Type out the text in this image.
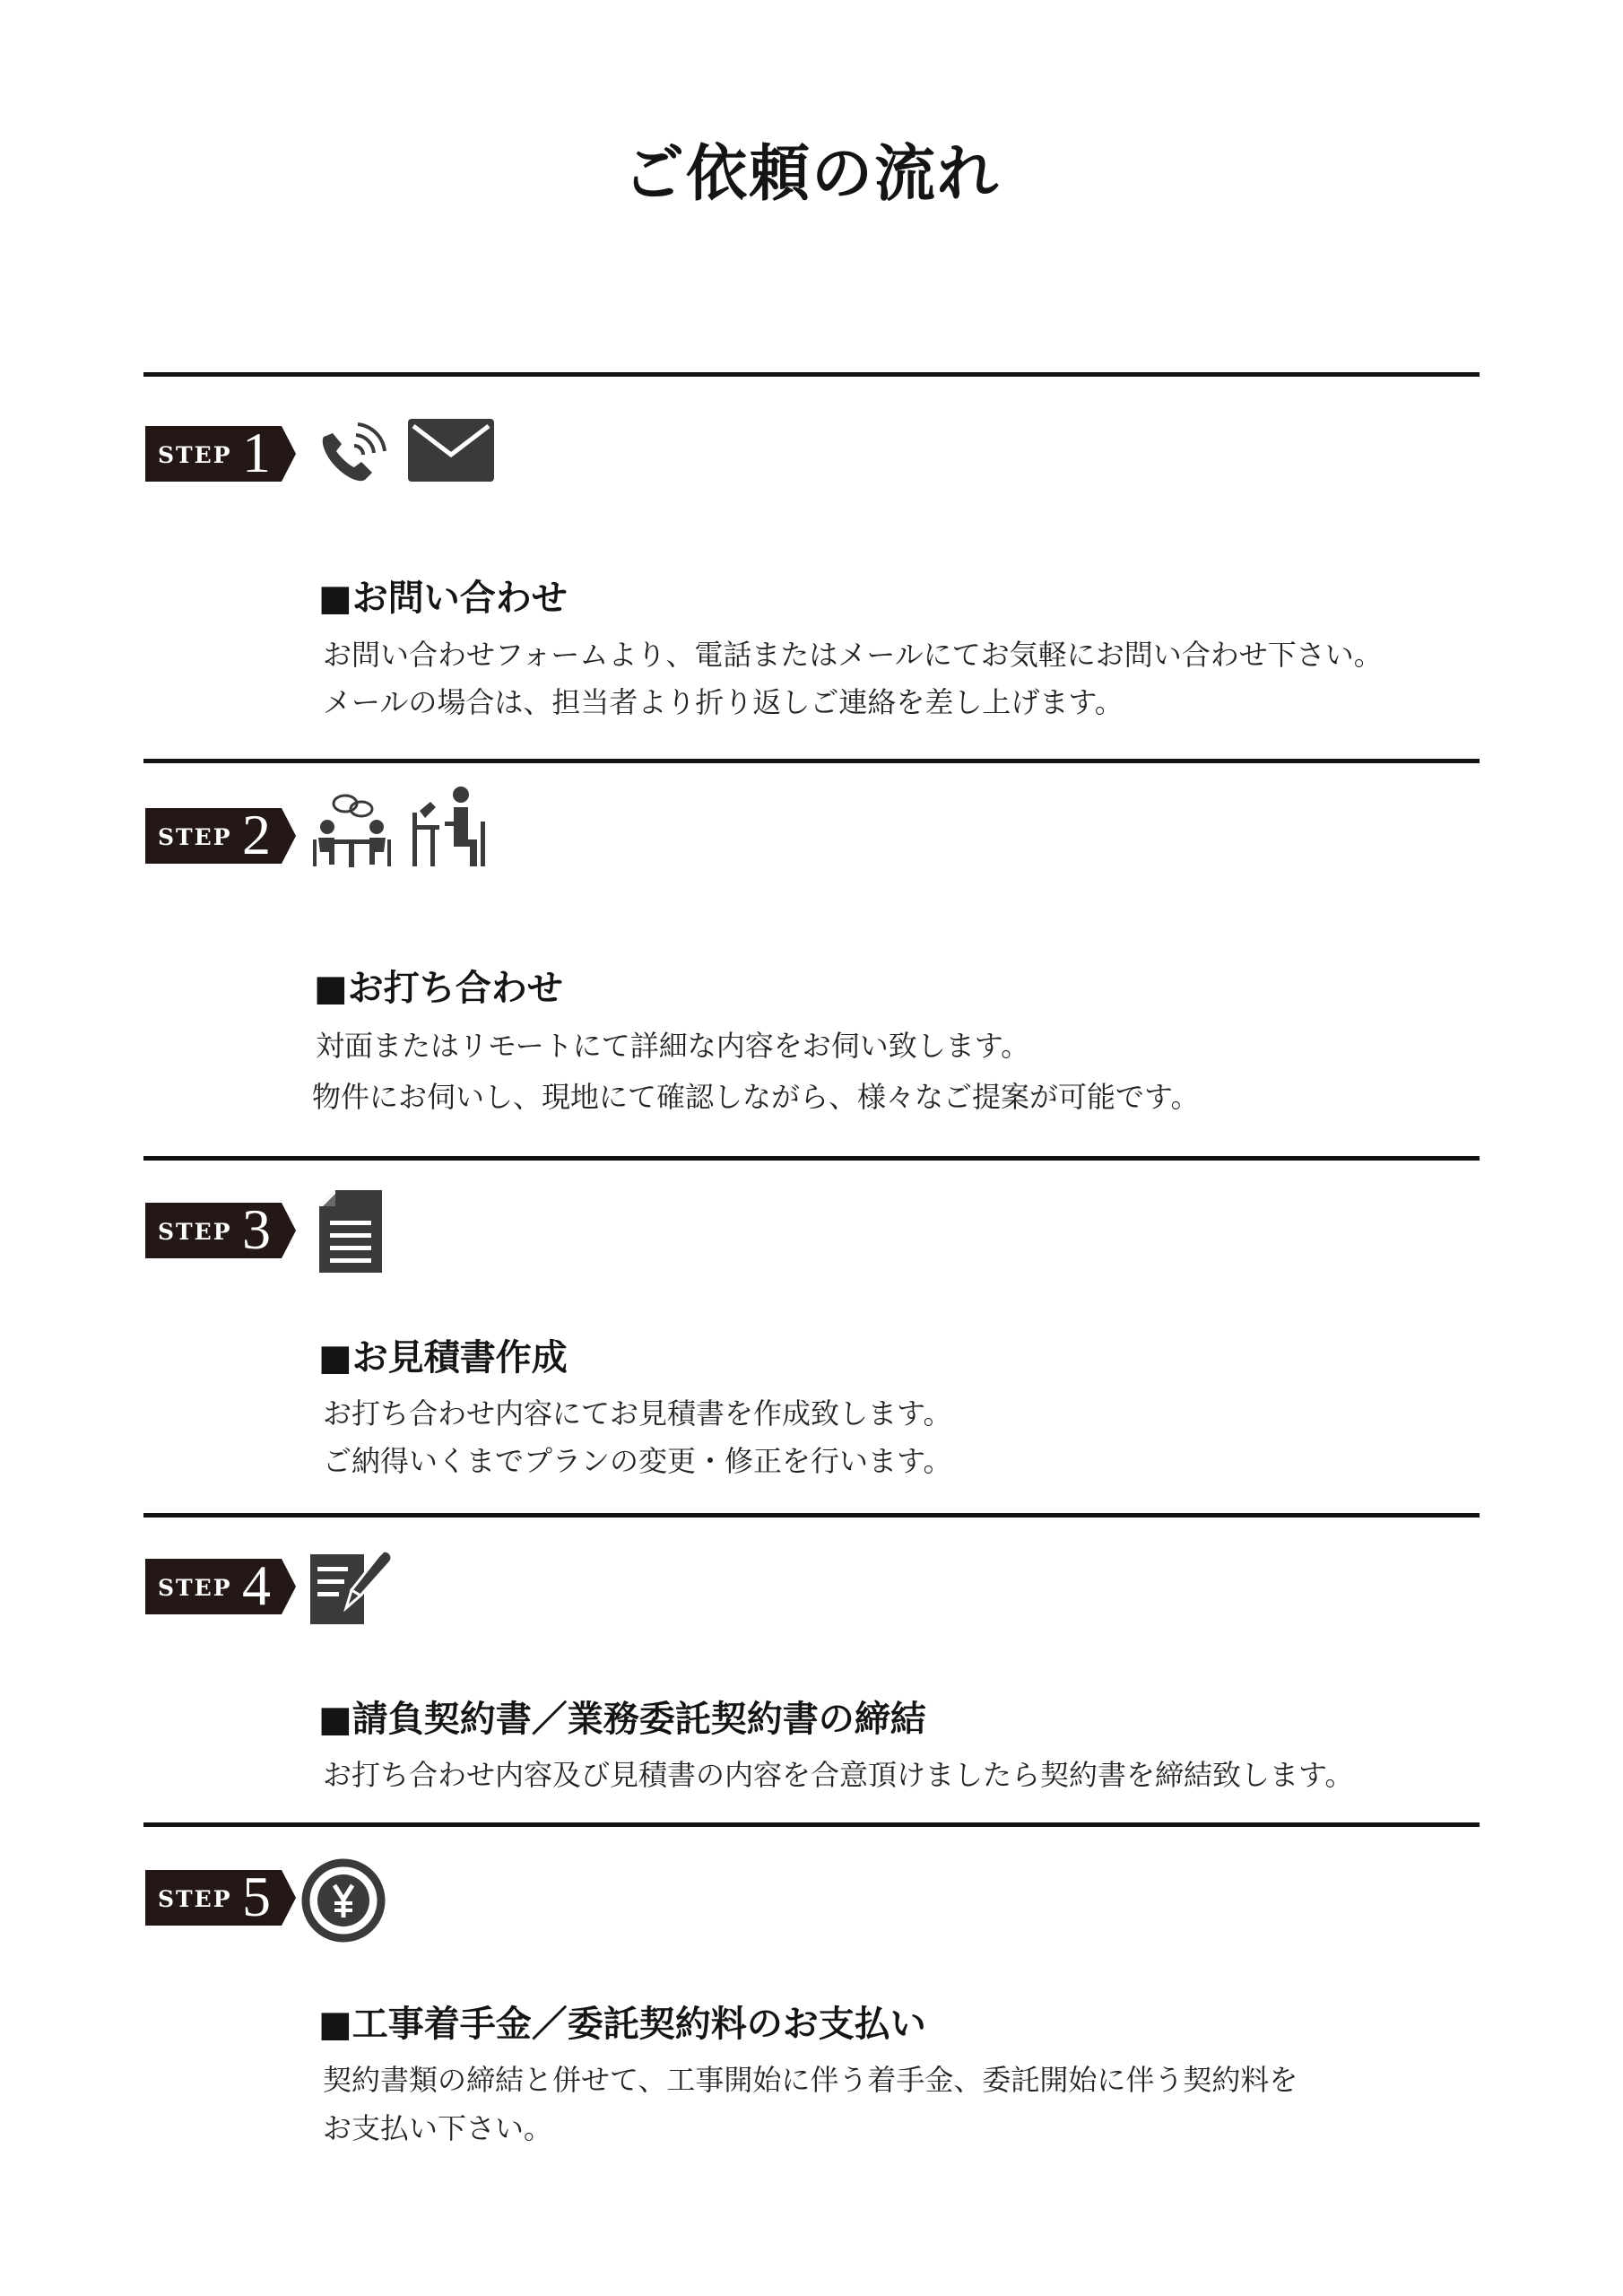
ご依頼の流れ
STEP 1
■お問い合わせ

お問い合わせフォームより、電話またはメールにてお気軽にお問い合わせ下さい。

メールの場合は、担当者より折り返しご連絡を差し上げます。

STEP 2
■お打ち合わせ

対面またはリモートにて詳細な内容をお伺い致します。

物件にお伺いし、現地にて確認しながら、様々なご提案が可能です。

STEP 3
■お見積書作成

お打ち合わせ内容にてお見積書を作成致します。

ご納得いくまでプランの変更・修正を行います。

STEP 4
■請負契約書／業務委託契約書の締結

お打ち合わせ内容及び見積書の内容を合意頂けましたら契約書を締結致します。

STEP 5
■工事着手金／委託契約料のお支払い

契約書類の締結と併せて、工事開始に伴う着手金、委託開始に伴う契約料を

お支払い下さい。
